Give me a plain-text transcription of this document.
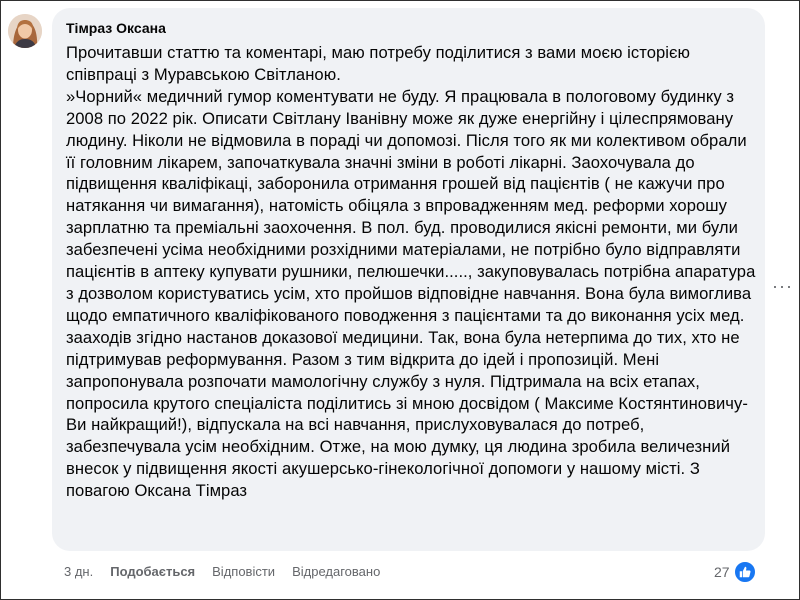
Тімраз Оксана

Прочитавши статтю та коментарі, маю потребу поділитися з вами моєю історією співпраці з Муравською Світланою.

»Чорний« медичний гумор коментувати не буду. Я працювала в пологовому будинку з 2008 по 2022 рік. Описати Світлану Іванівну може як дуже енергійну і цілеспрямовану людину. Ніколи не відмовила в пораді чи допомозі. Після того як ми колективом обрали її головним лікарем, започаткувала значні зміни в роботі лікарні. Заохочувала до підвищення кваліфікаці, заборонила отримання грошей від пацієнтів ( не кажучи про натякання чи вимагання), натомість обіцяла з впровадженням мед. реформи хорошу зарплатню та преміальні заохочення. В пол. буд. проводилися якісні ремонти, ми були забезпечені усіма необхідними розхідними матеріалами, не потрібно було відправляти пацієнтів в аптеку купувати рушники, пелюшечки....., закуповувалась потрібна апаратура з дозволом користуватись усім, хто пройшов відповідне навчання. Вона була вимоглива щодо емпатичного кваліфікованого поводження з пацієнтами та до виконання усіх мед. зааходів згідно настанов доказової медицини. Так, вона була нетерпима до тих, хто не підтримував реформування. Разом з тим відкрита до ідей і пропозицій. Мені запропонувала розпочати мамологічну службу з нуля. Підтримала на всіх етапах, попросила крутого спеціаліста поділитись зі мною досвідом ( Максиме Костянтиновичу- Ви найкращий!), відпускала на всі навчання, прислуховувалася до потреб, забезпечувала усім необхідним. Отже, на мою думку, ця людина зробила величезний внесок у підвищення якості акушерсько-гінекологічної допомоги у нашому місті. З повагою Оксана Тімраз

···
3 дн. Подобається Відповісти Відредаговано	27
